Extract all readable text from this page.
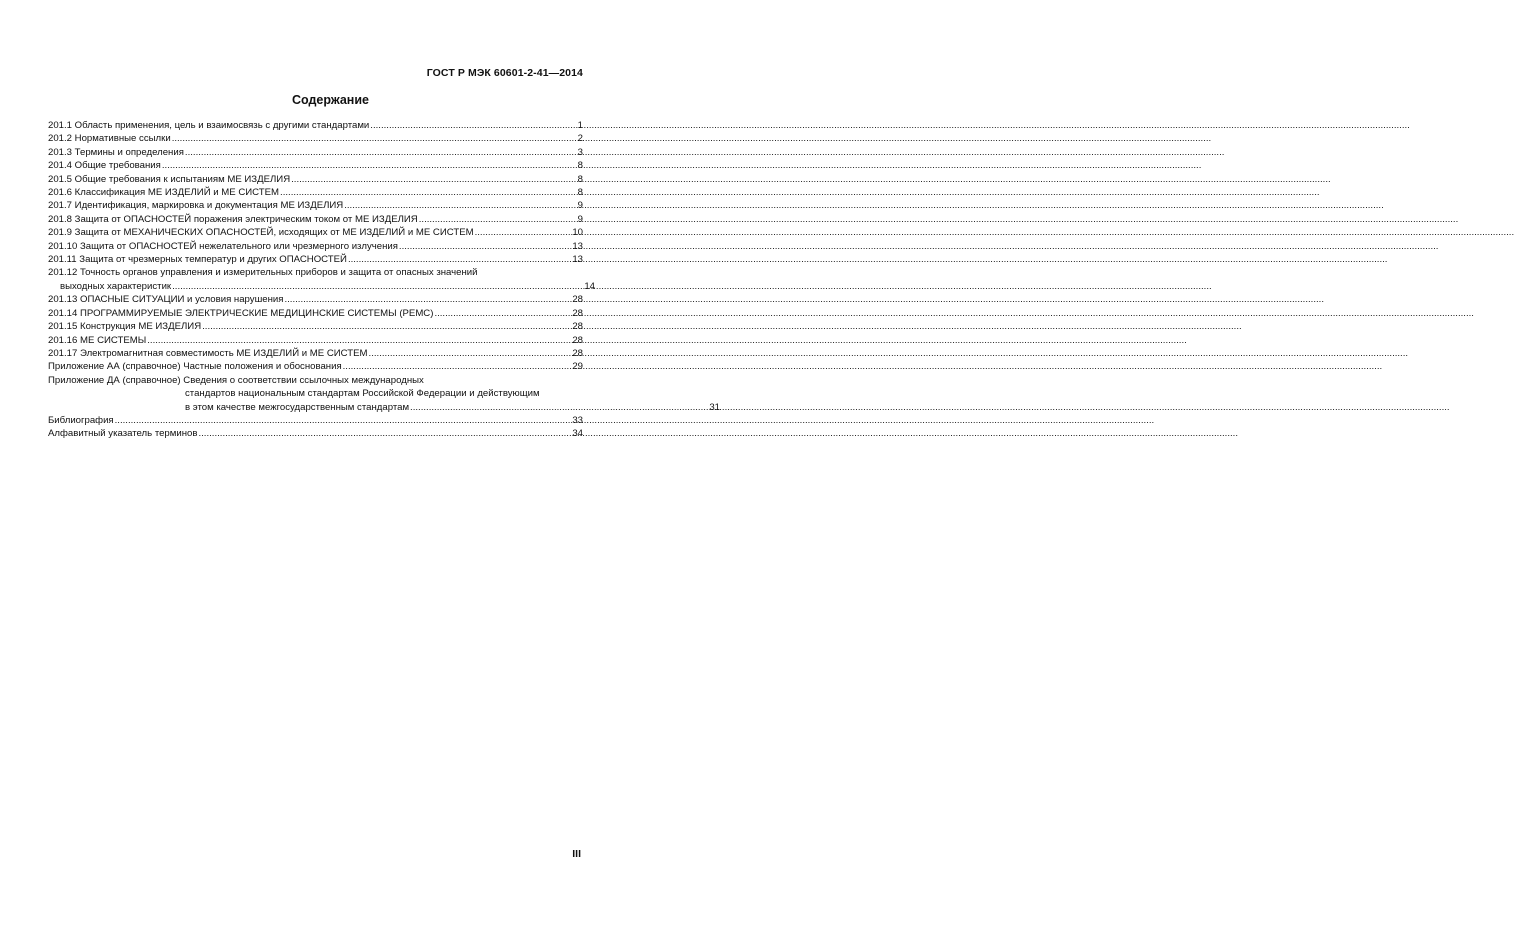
ГОСТ Р МЭК 60601-2-41—2014
Содержание
201.1 Область применения, цель и взаимосвязь с другими стандартами .....	1
201.2 Нормативные ссылки .....	2
201.3 Термины и определения .....	3
201.4 Общие требования .....	8
201.5 Общие требования к испытаниям МЕ ИЗДЕЛИЯ .....	8
201.6 Классификация МЕ ИЗДЕЛИЙ и МЕ СИСТЕМ .....	8
201.7 Идентификация, маркировка и документация МЕ ИЗДЕЛИЯ .....	9
201.8 Защита от ОПАСНОСТЕЙ поражения электрическим током от МЕ ИЗДЕЛИЯ .....	9
201.9 Защита от МЕХАНИЧЕСКИХ ОПАСНОСТЕЙ, исходящих от МЕ ИЗДЕЛИЙ и МЕ СИСТЕМ .....	10
201.10 Защита от ОПАСНОСТЕЙ нежелательного или чрезмерного излучения .....	13
201.11 Защита от чрезмерных температур и других ОПАСНОСТЕЙ .....	13
201.12 Точность органов управления и измерительных приборов и защита от опасных значений
выходных характеристик .....	14
201.13 ОПАСНЫЕ СИТУАЦИИ и условия нарушения .....	28
201.14 ПРОГРАММИРУЕМЫЕ ЭЛЕКТРИЧЕСКИЕ МЕДИЦИНСКИЕ СИСТЕМЫ (PEMC) .....	28
201.15 Конструкция МЕ ИЗДЕЛИЯ .....	28
201.16 МЕ СИСТЕМЫ .....	28
201.17 Электромагнитная совместимость МЕ ИЗДЕЛИЙ и МЕ СИСТЕМ .....	28
Приложение АА (справочное) Частные положения и обоснования .....	29
Приложение ДА (справочное) Сведения о соответствии ссылочных международных
стандартов национальным стандартам Российской Федерации и действующим
в этом качестве межгосударственным стандартам .....	31
Библиография .....	33
Алфавитный указатель терминов .....	34
III
